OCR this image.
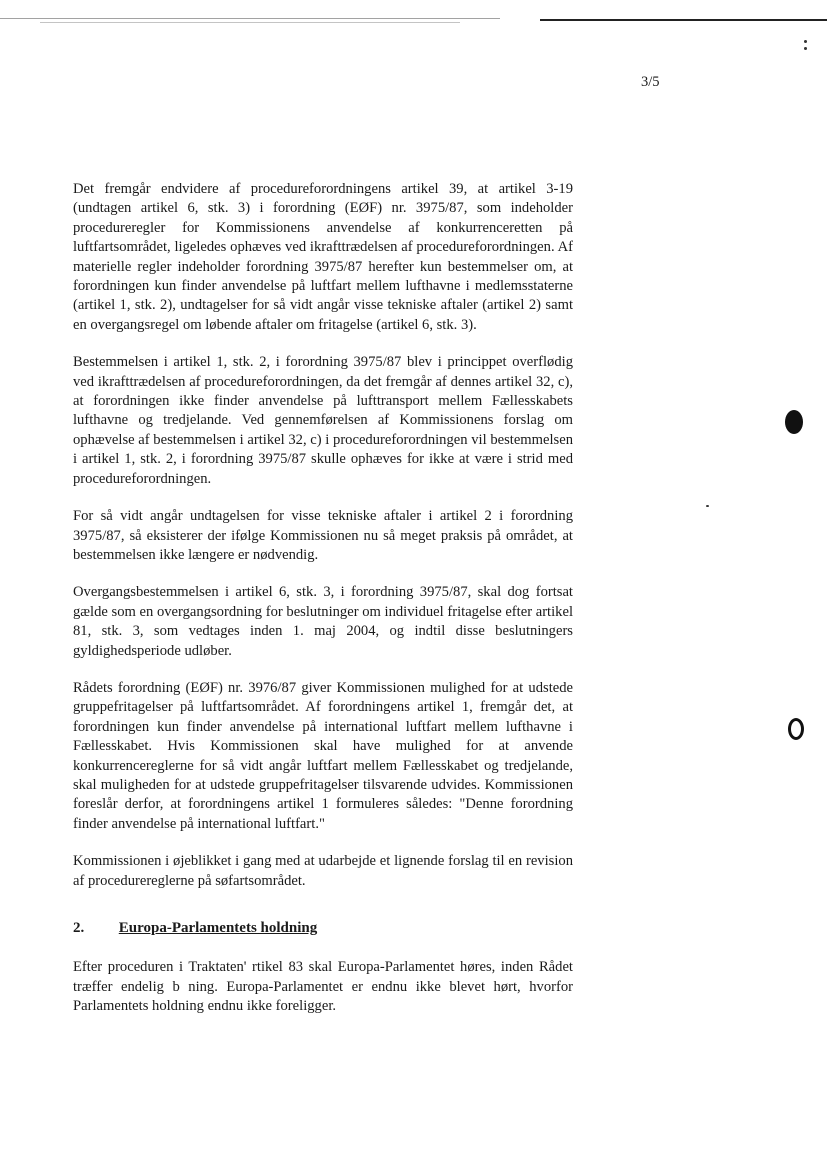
3/5

Det fremgår endvidere af procedureforordningens artikel 39, at artikel 3-19 (undtagen artikel 6, stk. 3) i forordning (EØF) nr. 3975/87, som indeholder procedureregler for Kommissionens anvendelse af konkurrenceretten på luftfartsområdet, ligeledes ophæves ved ikrafttrædelsen af procedureforordningen. Af materielle regler indeholder forordning 3975/87 herefter kun bestemmelser om, at forordningen kun finder anvendelse på luftfart mellem lufthavne i medlemsstaterne (artikel 1, stk. 2), undtagelser for så vidt angår visse tekniske aftaler (artikel 2) samt en overgangsregel om løbende aftaler om fritagelse (artikel 6, stk. 3).

Bestemmelsen i artikel 1, stk. 2, i forordning 3975/87 blev i princippet overflødig ved ikrafttrædelsen af procedureforordningen, da det fremgår af dennes artikel 32, c), at forordningen ikke finder anvendelse på lufttransport mellem Fællesskabets lufthavne og tredjelande. Ved gennemførelsen af Kommissionens forslag om ophævelse af bestemmelsen i artikel 32, c) i procedureforordningen vil bestemmelsen i artikel 1, stk. 2, i forordning 3975/87 skulle ophæves for ikke at være i strid med procedureforordningen.

For så vidt angår undtagelsen for visse tekniske aftaler i artikel 2 i forordning 3975/87, så eksisterer der ifølge Kommissionen nu så meget praksis på området, at bestemmelsen ikke længere er nødvendig.

Overgangsbestemmelsen i artikel 6, stk. 3, i forordning 3975/87, skal dog fortsat gælde som en overgangsordning for beslutninger om individuel fritagelse efter artikel 81, stk. 3, som vedtages inden 1. maj 2004, og indtil disse beslutningers gyldighedsperiode udløber.

Rådets forordning (EØF) nr. 3976/87 giver Kommissionen mulighed for at udstede gruppefritagelser på luftfartsområdet. Af forordningens artikel 1, fremgår det, at forordningen kun finder anvendelse på international luftfart mellem lufthavne i Fællesskabet. Hvis Kommissionen skal have mulighed for at anvende konkurrencereglerne for så vidt angår luftfart mellem Fællesskabet og tredjelande, skal muligheden for at udstede gruppefritagelser tilsvarende udvides. Kommissionen foreslår derfor, at forordningens artikel 1 formuleres således: "Denne forordning finder anvendelse på international luftfart."

Kommissionen i øjeblikket i gang med at udarbejde et lignende forslag til en revision af procedurereglerne på søfartsområdet.

2. Europa-Parlamentets holdning

Efter proceduren i Traktaten' rtikel 83 skal Europa-Parlamentet høres, inden Rådet træffer endelig b ning. Europa-Parlamentet er endnu ikke blevet hørt, hvorfor Parlamentets holdning endnu ikke foreligger.
